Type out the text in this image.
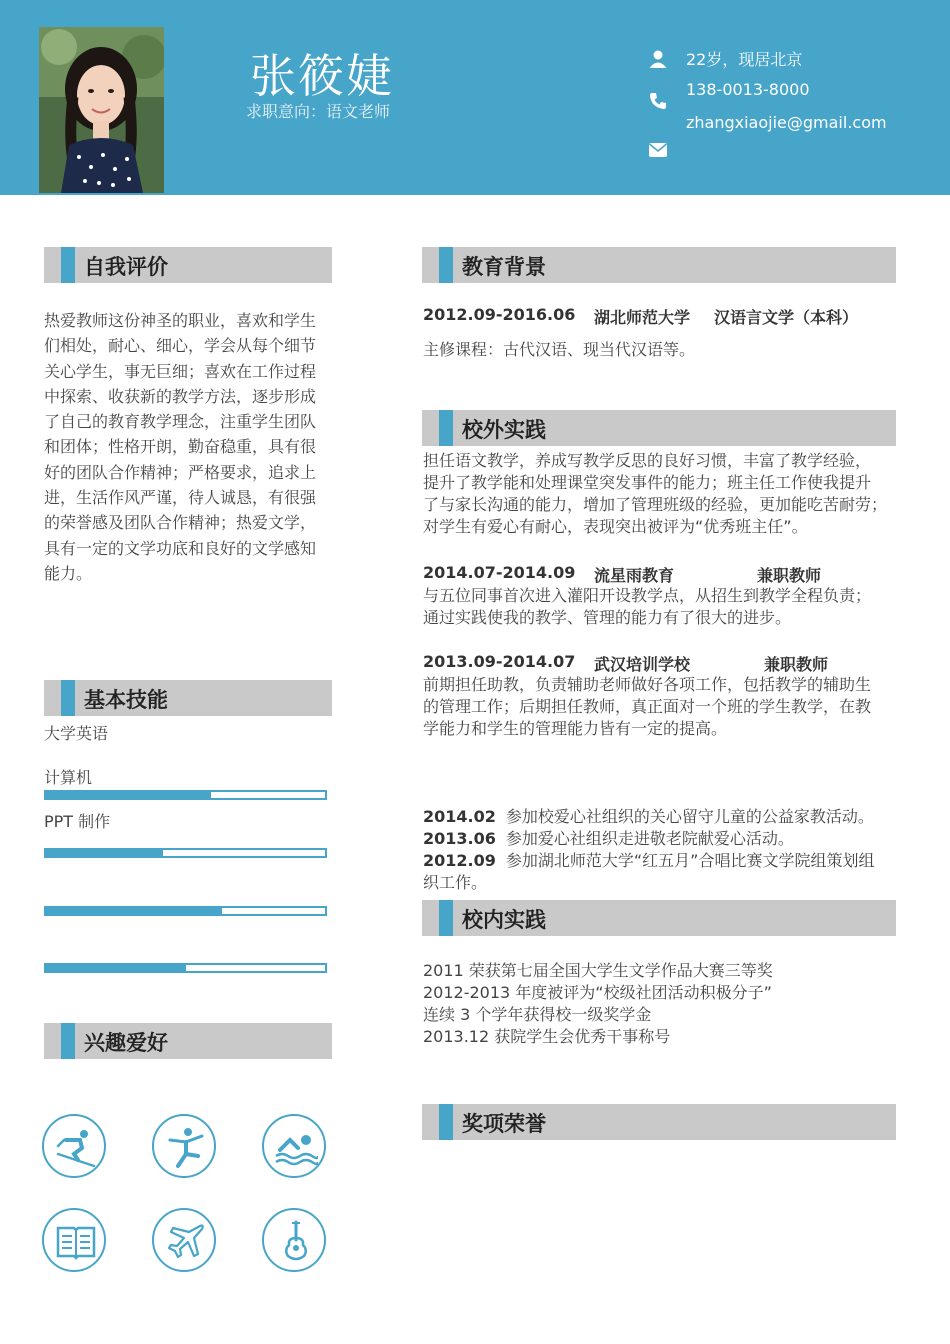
张筱婕
求职意向：语文老师
22岁，现居北京
138-0013-8000
zhangxiaojie@gmail.com
自我评价
热爱教师这份神圣的职业，喜欢和学生
们相处，耐心、细心，学会从每个细节
关心学生，事无巨细；喜欢在工作过程
中探索、收获新的教学方法，逐步形成
了自己的教育教学理念，注重学生团队
和团体；性格开朗，勤奋稳重，具有很
好的团队合作精神；严格要求，追求上
进，生活作风严谨，待人诚恳，有很强
的荣誉感及团队合作精神；热爱文学，
具有一定的文学功底和良好的文学感知
能力。
基本技能
大学英语
计算机
PPT 制作
兴趣爱好
教育背景
2012.09-2016.06 湖北师范大学 汉语言文学（本科）
主修课程：古代汉语、现当代汉语等。
校外实践
担任语文教学，养成写教学反思的良好习惯，丰富了教学经验，
提升了教学能和处理课堂突发事件的能力；班主任工作使我提升
了与家长沟通的能力，增加了管理班级的经验，更加能吃苦耐劳；
对学生有爱心有耐心，表现突出被评为“优秀班主任”。
2014.07-2014.09 流星雨教育	兼职教师
与五位同事首次进入灌阳开设教学点，从招生到教学全程负责；
通过实践使我的教学、管理的能力有了很大的进步。
2013.09-2014.07 武汉培训学校	兼职教师
前期担任助教，负责辅助老师做好各项工作，包括教学的辅助生
的管理工作；后期担任教师，真正面对一个班的学生教学，在教
学能力和学生的管理能力皆有一定的提高。
2014.02 参加校爱心社组织的关心留守儿童的公益家教活动。
2013.06 参加爱心社组织走进敬老院献爱心活动。
2012.09 参加湖北师范大学“红五月”合唱比赛文学院组策划组
织工作。
校内实践
2011 荣获第七届全国大学生文学作品大赛三等奖
2012-2013 年度被评为“校级社团活动积极分子”
连续 3 个学年获得校一级奖学金
2013.12 获院学生会优秀干事称号
奖项荣誉
